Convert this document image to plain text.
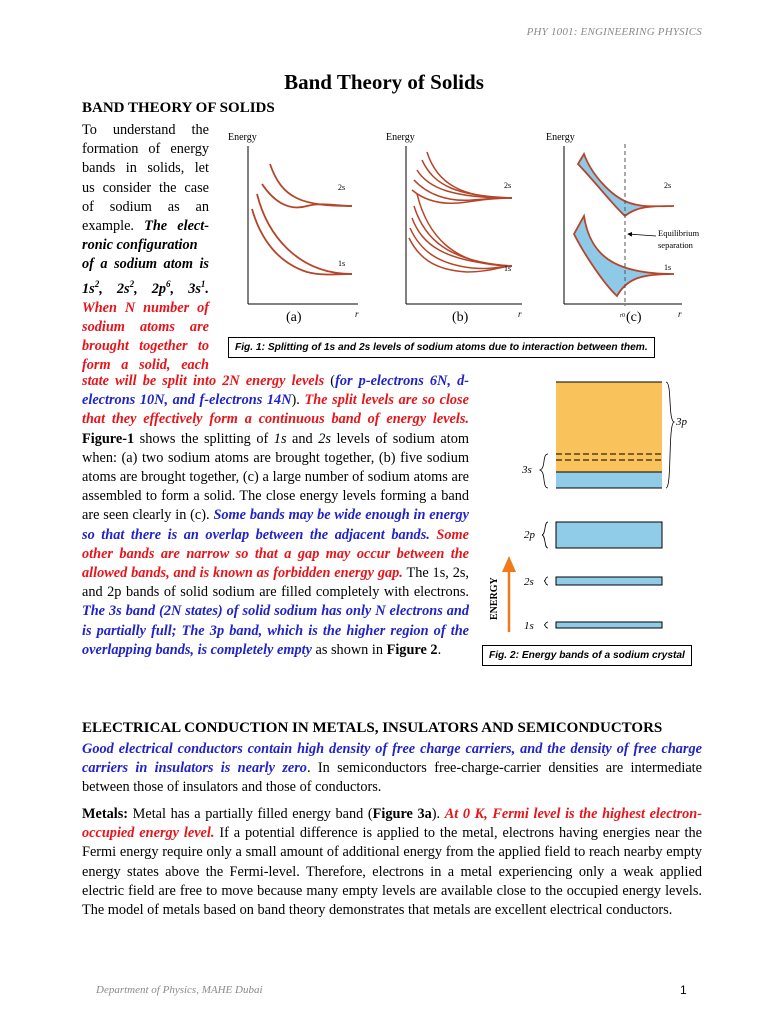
PHY 1001: ENGINEERING PHYSICS
Band Theory of Solids
BAND THEORY OF SOLIDS
To understand the
formation of energy
bands in solids, let
us consider the case
of sodium as an
example. The elect-
ronic configuration
of a sodium atom is
$1s^2$,  $2s^2$,  $2p^6$,  $3s^1$.
When N number of
sodium atoms are
brought together to
form a solid, each
Energy
r
2s
1s
(a)
Energy
r
2s
1s
(b)
Energy
r
Equilibrium
separation
2s
1s
r0 (c)
Fig. 1: Splitting of 1s and 2s levels of sodium atoms due to interaction between them.
state will be split into 2N energy levels (for p-electrons 6N, d-electrons 10N, and f-electrons 14N). The split levels are so close that they effectively form a continuous band of energy levels. Figure-1 shows the splitting of 1s and 2s levels of sodium atom when: (a) two sodium atoms are brought together, (b) five sodium atoms are brought together, (c) a large number of sodium atoms are assembled to form a solid. The close energy levels forming a band are seen clearly in (c). Some bands may be wide enough in energy so that there is an overlap between the adjacent bands. Some other bands are narrow so that a gap may occur between the allowed bands, and is known as forbidden energy gap. The 1s, 2s, and 2p bands of solid sodium are filled completely with electrons. The 3s band (2N states) of solid sodium has only N electrons and is partially full; The 3p band, which is the higher region of the overlapping bands, is completely empty as shown in Figure 2.
3p
3s
2p
2s
1s
ENERGY
Fig. 2: Energy bands of a sodium crystal
ELECTRICAL CONDUCTION IN METALS, INSULATORS AND SEMICONDUCTORS
Good electrical conductors contain high density of free charge carriers, and the density of free charge carriers in insulators is nearly zero. In semiconductors free-charge-carrier densities are intermediate between those of insulators and those of conductors.
Metals: Metal has a partially filled energy band (Figure 3a). At 0 K, Fermi level is the highest electron-occupied energy level. If a potential difference is applied to the metal, electrons having energies near the Fermi energy require only a small amount of additional energy from the applied field to reach nearby empty energy states above the Fermi-level. Therefore, electrons in a metal experiencing only a weak applied electric field are free to move because many empty levels are available close to the occupied energy levels. The model of metals based on band theory demonstrates that metals are excellent electrical conductors.
Department of Physics, MAHE Dubai	1
